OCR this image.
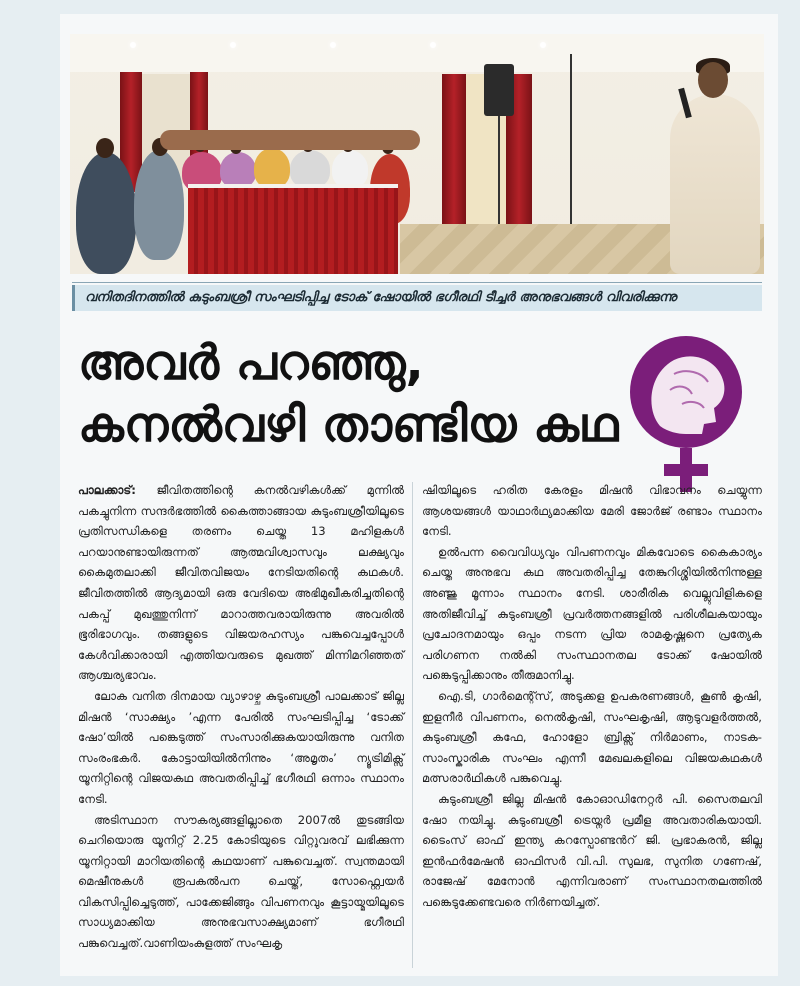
വനിതദിനത്തിൽ കുടുംബശ്രീ സംഘടിപ്പിച്ച ടോക് ഷോയിൽ ഭഗീരഥി ടീച്ചർ അനുഭവങ്ങൾ വിവരിക്കുന്നു
അവർ പറഞ്ഞു,
കനൽവഴി താണ്ടിയ കഥ

പാലക്കാട്: ജീവിതത്തിന്റെ കനൽവഴികൾക്ക് മുന്നിൽ പകച്ചുനിന്ന സന്ദർഭത്തിൽ കൈത്താങ്ങായ കുടുംബശ്രീയിലൂടെ പ്രതിസന്ധികളെ തരണം ചെയ്ത 13 മഹിളകൾ പറയാനുണ്ടായിരുന്നത് ആത്മവിശ്വാസവും ലക്ഷ്യവും കൈമുതലാക്കി ജീവിതവിജയം നേടിയതിന്റെ കഥകൾ. ജീവിതത്തിൽ ആദ്യമായി ഒരു വേദിയെ അഭിമുഖീകരിച്ചതിന്റെ പകപ്പ് മുഖത്തുനിന്ന് മാറാത്തവരായിരുന്നു അവരിൽ ഭൂരിഭാഗവും. തങ്ങളുടെ വിജയരഹസ്യം പങ്കുവെച്ചപ്പോൾ കേൾവിക്കാരായി എത്തിയവരുടെ മുഖത്ത് മിന്നിമറിഞ്ഞത് ആശ്ചര്യഭാവം.

ലോക വനിത ദിനമായ വ്യാഴാഴ്ച കുടുംബശ്രീ പാലക്കാട് ജില്ല മിഷൻ ‘സാക്ഷ്യം ’എന്ന പേരിൽ സംഘടിപ്പിച്ച ‘ടോക്ക് ഷോ’യിൽ പങ്കെടുത്ത് സംസാരിക്കുകയായിരുന്നു വനിത സംരംഭകർ. കോട്ടായിയിൽനിന്നും ‘അമൃതം’ ന്യൂട്രിമിക്സ് യൂനിറ്റിന്റെ വിജയകഥ അവതരിപ്പിച്ച് ഭഗീരഥി ഒന്നാം സ്ഥാനം നേടി.

അടിസ്ഥാന സൗകര്യങ്ങളില്ലാതെ 2007ൽ തുടങ്ങിയ ചെറിയൊരു യൂനിറ്റ് 2.25 കോടിയുടെ വിറ്റുവരവ് ലഭിക്കുന്ന യൂനിറ്റായി മാറിയതിന്റെ കഥയാണ് പങ്കുവെച്ചത്. സ്വന്തമായി മെഷീനുകൾ രൂപകൽപന ചെയ്ത്, സോഫ്റ്റ്വെയർ വികസിപ്പിച്ചെടുത്ത്, പാക്കേജിങ്ങും വിപണനവും കൂട്ടായ്മയിലൂടെ സാധ്യമാക്കിയ അനുഭവസാക്ഷ്യമാണ് ഭഗീരഥി പങ്കുവെച്ചത്.വാണിയംകുളത്ത് സംഘകൃ

ഷിയിലൂടെ ഹരിത കേരളം മിഷൻ വിഭാവനം ചെയ്യുന്ന ആശയങ്ങൾ യാഥാർഥ്യമാക്കിയ മേരി ജോർജ് രണ്ടാം സ്ഥാനം നേടി.

ഉൽപന്ന വൈവിധ്യവും വിപണനവും മികവോടെ കൈകാര്യം ചെയ്ത അനുഭവ കഥ അവതരിപ്പിച്ച തേങ്കുറിശ്ശിയിൽനിന്നുള്ള അഞ്ജു മൂന്നാം സ്ഥാനം നേടി. ശാരീരിക വെല്ലുവിളികളെ അതിജീവിച്ച് കുടുംബശ്രീ പ്രവർത്തനങ്ങളിൽ പരിശീലകയായും പ്രചോദനമായും ഒപ്പം നടന്ന പ്രിയ രാമകൃഷ്ണനെ പ്രത്യേക പരിഗണന നൽകി സംസ്ഥാനതല ടോക്ക് ഷോയിൽ പങ്കെടുപ്പിക്കാനും തീരുമാനിച്ചു.

ഐ.ടി, ഗാർമെന്റ്സ്, അടുക്കള ഉപകരണങ്ങൾ, കൂൺ കൃഷി, ഇളനീർ വിപണനം, നെൽകൃഷി, സംഘകൃഷി, ആടുവളർത്തൽ, കുടുംബശ്രീ കഫേ, ഹോളോ ബ്രിക്സ് നിർമാണം, നാടക-സാംസ്കാരിക സംഘം എന്നീ മേഖലകളിലെ വിജയകഥകൾ മത്സരാർഥികൾ പങ്കുവെച്ചു.

കുടുംബശ്രീ ജില്ല മിഷൻ കോഓഡിനേറ്റർ പി. സൈതലവി ഷോ നയിച്ചു. കുടുംബശ്രീ ട്രെയ്നർ പ്രമീള അവതാരികയായി. ടൈംസ് ഓഫ് ഇന്ത്യ കറസ്പോണ്ടൻറ് ജി. പ്രഭാകരൻ, ജില്ല ഇൻഫർമേഷൻ ഓഫിസർ വി.പി. സുലഭ, സുനിത ഗണേഷ്, രാജേഷ് മേനോൻ എന്നിവരാണ് സംസ്ഥാനതലത്തിൽ പങ്കെടുക്കേണ്ടവരെ നിർണയിച്ചത്.
